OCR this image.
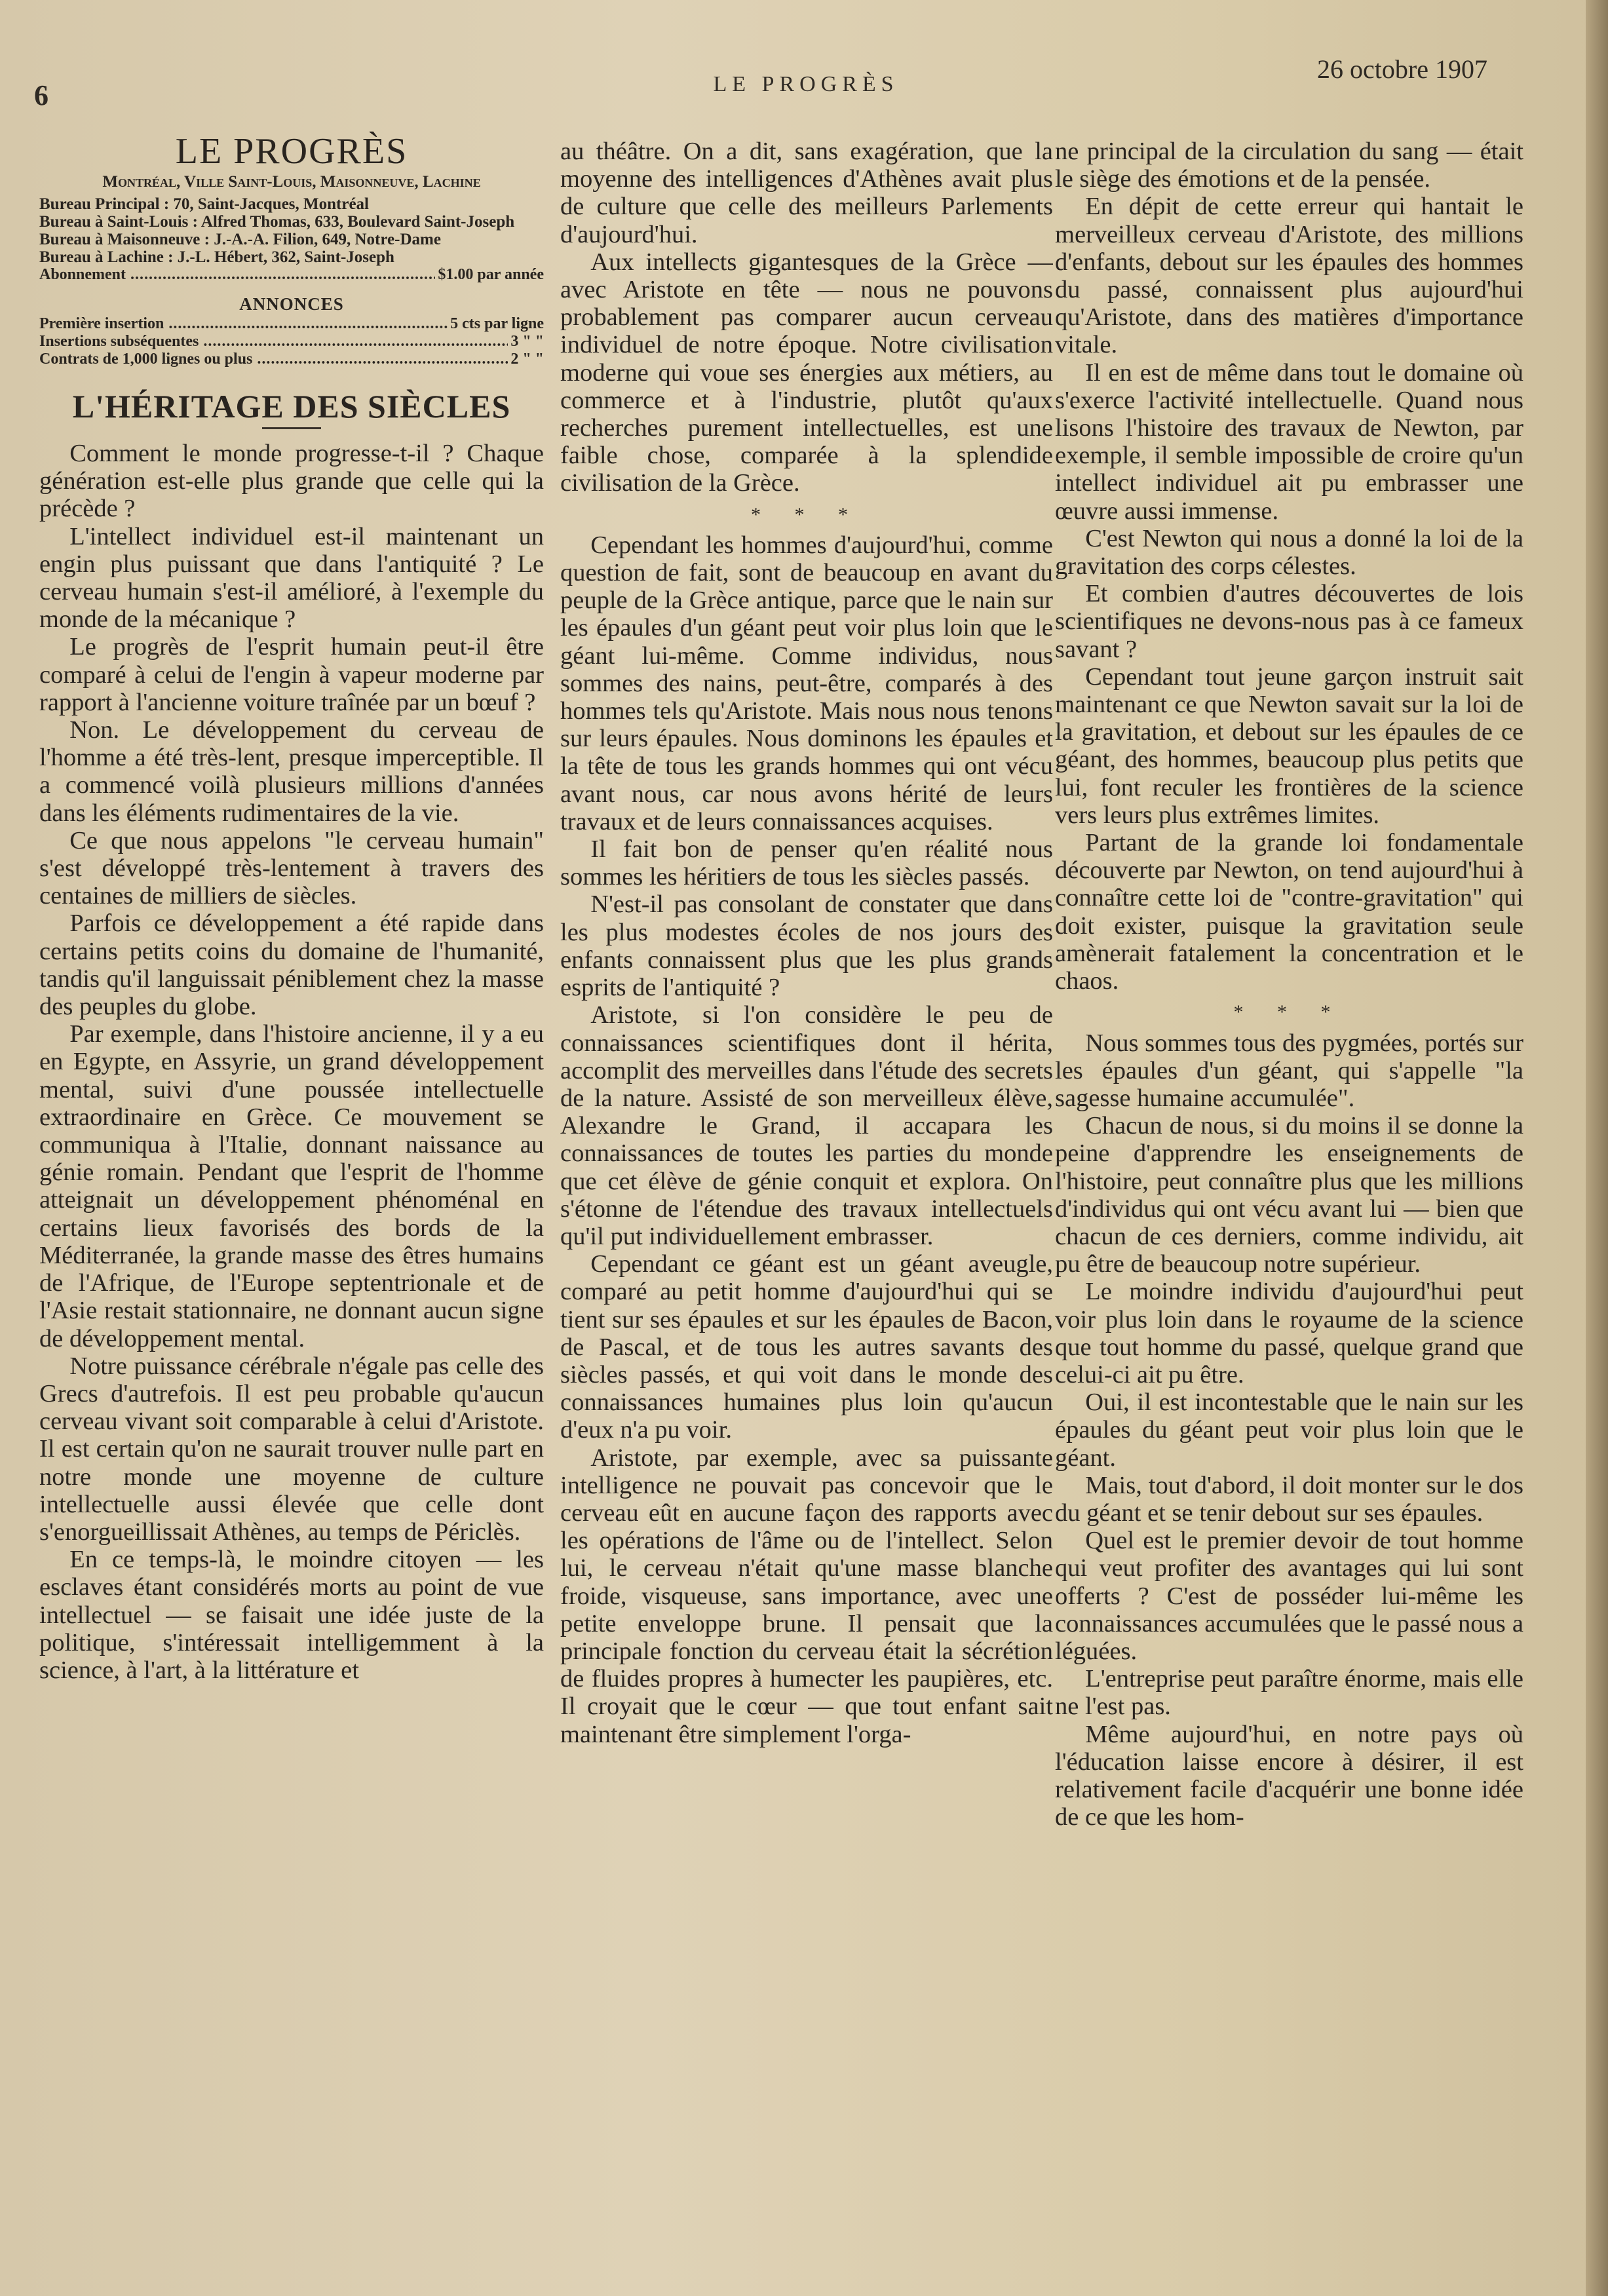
6	LE PROGRÈS
26 octobre 1907
LE PROGRÈS
Montréal, Ville Saint-Louis, Maisonneuve, Lachine

Bureau Principal : 70, Saint-Jacques, Montréal

Bureau à Saint-Louis : Alfred Thomas, 633, Boulevard Saint-Joseph

Bureau à Maisonneuve : J.-A.-A. Filion, 649, Notre-Dame

Bureau à Lachine : J.-L. Hébert, 362, Saint-Joseph

Abonnement .....	$1.00 par année
ANNONCES
Première insertion .....	5 cts par ligne
Insertions subséquentes .....	3 " "
Contrats de 1,000 lignes ou plus .....	2 " "
L'HÉRITAGE DES SIÈCLES

Comment le monde progresse-t-il ? Chaque génération est-elle plus grande que celle qui la précède ?

L'intellect individuel est-il maintenant un engin plus puissant que dans l'antiquité ? Le cerveau humain s'est-il amélioré, à l'exemple du monde de la mécanique ?

Le progrès de l'esprit humain peut-il être comparé à celui de l'engin à vapeur moderne par rapport à l'ancienne voiture traînée par un bœuf ?

Non. Le développement du cerveau de l'homme a été très-lent, presque imperceptible. Il a commencé voilà plusieurs millions d'années dans les éléments rudimentaires de la vie.

Ce que nous appelons "le cerveau humain" s'est développé très-lentement à travers des centaines de milliers de siècles.

Parfois ce développement a été rapide dans certains petits coins du domaine de l'humanité, tandis qu'il languissait péniblement chez la masse des peuples du globe.

Par exemple, dans l'histoire ancienne, il y a eu en Egypte, en Assyrie, un grand développement mental, suivi d'une poussée intellectuelle extraordinaire en Grèce. Ce mouvement se communiqua à l'Italie, donnant naissance au génie romain. Pendant que l'esprit de l'homme atteignait un développement phénoménal en certains lieux favorisés des bords de la Méditerranée, la grande masse des êtres humains de l'Afrique, de l'Europe septentrionale et de l'Asie restait stationnaire, ne donnant aucun signe de développement mental.

Notre puissance cérébrale n'égale pas celle des Grecs d'autrefois. Il est peu probable qu'aucun cerveau vivant soit comparable à celui d'Aristote. Il est certain qu'on ne saurait trouver nulle part en notre monde une moyenne de culture intellectuelle aussi élevée que celle dont s'enorgueillissait Athènes, au temps de Périclès.

En ce temps-là, le moindre citoyen — les esclaves étant considérés morts au point de vue intellectuel — se faisait une idée juste de la politique, s'intéressait intelligemment à la science, à l'art, à la littérature et

au théâtre. On a dit, sans exagération, que la moyenne des intelligences d'Athènes avait plus de culture que celle des meilleurs Parlements d'aujourd'hui.

Aux intellects gigantesques de la Grèce — avec Aristote en tête — nous ne pouvons probablement pas comparer aucun cerveau individuel de notre époque. Notre civilisation moderne qui voue ses énergies aux métiers, au commerce et à l'industrie, plutôt qu'aux recherches purement intellectuelles, est une faible chose, comparée à la splendide civilisation de la Grèce.

* * *

Cependant les hommes d'aujourd'hui, comme question de fait, sont de beaucoup en avant du peuple de la Grèce antique, parce que le nain sur les épaules d'un géant peut voir plus loin que le géant lui-même. Comme individus, nous sommes des nains, peut-être, comparés à des hommes tels qu'Aristote. Mais nous nous tenons sur leurs épaules. Nous dominons les épaules et la tête de tous les grands hommes qui ont vécu avant nous, car nous avons hérité de leurs travaux et de leurs connaissances acquises.

Il fait bon de penser qu'en réalité nous sommes les héritiers de tous les siècles passés.

N'est-il pas consolant de constater que dans les plus modestes écoles de nos jours des enfants connaissent plus que les plus grands esprits de l'antiquité ?

Aristote, si l'on considère le peu de connaissances scientifiques dont il hérita, accomplit des merveilles dans l'étude des secrets de la nature. Assisté de son merveilleux élève, Alexandre le Grand, il accapara les connaissances de toutes les parties du monde que cet élève de génie conquit et explora. On s'étonne de l'étendue des travaux intellectuels qu'il put individuellement embrasser.

Cependant ce géant est un géant aveugle, comparé au petit homme d'aujourd'hui qui se tient sur ses épaules et sur les épaules de Bacon, de Pascal, et de tous les autres savants des siècles passés, et qui voit dans le monde des connaissances humaines plus loin qu'aucun d'eux n'a pu voir.

Aristote, par exemple, avec sa puissante intelligence ne pouvait pas concevoir que le cerveau eût en aucune façon des rapports avec les opérations de l'âme ou de l'intellect. Selon lui, le cerveau n'était qu'une masse blanche froide, visqueuse, sans importance, avec une petite enveloppe brune. Il pensait que la principale fonction du cerveau était la sécrétion de fluides propres à humecter les paupières, etc. Il croyait que le cœur — que tout enfant sait maintenant être simplement l'orga-

ne principal de la circulation du sang — était le siège des émotions et de la pensée.

En dépit de cette erreur qui hantait le merveilleux cerveau d'Aristote, des millions d'enfants, debout sur les épaules des hommes du passé, connaissent plus aujourd'hui qu'Aristote, dans des matières d'importance vitale.

Il en est de même dans tout le domaine où s'exerce l'activité intellectuelle. Quand nous lisons l'histoire des travaux de Newton, par exemple, il semble impossible de croire qu'un intellect individuel ait pu embrasser une œuvre aussi immense.

C'est Newton qui nous a donné la loi de la gravitation des corps célestes.

Et combien d'autres découvertes de lois scientifiques ne devons-nous pas à ce fameux savant ?

Cependant tout jeune garçon instruit sait maintenant ce que Newton savait sur la loi de la gravitation, et debout sur les épaules de ce géant, des hommes, beaucoup plus petits que lui, font reculer les frontières de la science vers leurs plus extrêmes limites.

Partant de la grande loi fondamentale découverte par Newton, on tend aujourd'hui à connaître cette loi de "contre-gravitation" qui doit exister, puisque la gravitation seule amènerait fatalement la concentration et le chaos.

* * *

Nous sommes tous des pygmées, portés sur les épaules d'un géant, qui s'appelle "la sagesse humaine accumulée".

Chacun de nous, si du moins il se donne la peine d'apprendre les enseignements de l'histoire, peut connaître plus que les millions d'individus qui ont vécu avant lui — bien que chacun de ces derniers, comme individu, ait pu être de beaucoup notre supérieur.

Le moindre individu d'aujourd'hui peut voir plus loin dans le royaume de la science que tout homme du passé, quelque grand que celui-ci ait pu être.

Oui, il est incontestable que le nain sur les épaules du géant peut voir plus loin que le géant.

Mais, tout d'abord, il doit monter sur le dos du géant et se tenir debout sur ses épaules.

Quel est le premier devoir de tout homme qui veut profiter des avantages qui lui sont offerts ? C'est de posséder lui-même les connaissances accumulées que le passé nous a léguées.

L'entreprise peut paraître énorme, mais elle ne l'est pas.

Même aujourd'hui, en notre pays où l'éducation laisse encore à désirer, il est relativement facile d'acquérir une bonne idée de ce que les hom-
